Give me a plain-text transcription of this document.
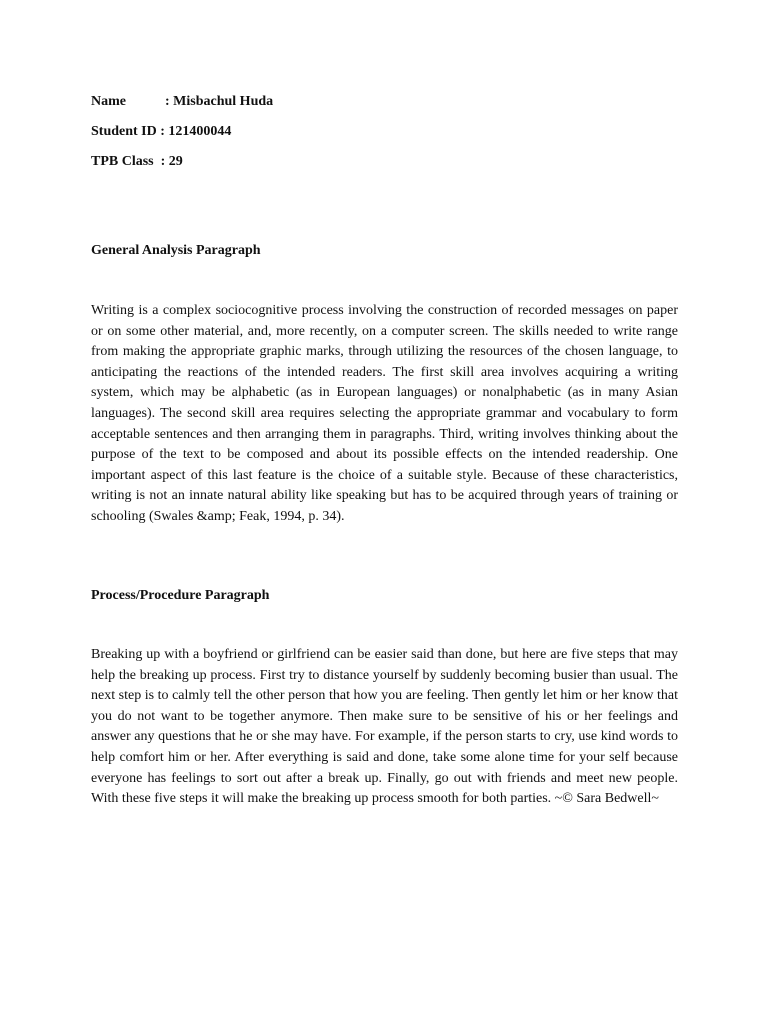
Name	: Misbachul Huda
Student ID : 121400044
TPB Class  : 29
General Analysis Paragraph
Writing is a complex sociocognitive process involving the construction of recorded messages on paper or on some other material, and, more recently, on a computer screen. The skills needed to write range from making the appropriate graphic marks, through utilizing the resources of the chosen language, to anticipating the reactions of the intended readers. The first skill area involves acquiring a writing system, which may be alphabetic (as in European languages) or nonalphabetic (as in many Asian languages). The second skill area requires selecting the appropriate grammar and vocabulary to form acceptable sentences and then arranging them in paragraphs. Third, writing involves thinking about the purpose of the text to be composed and about its possible effects on the intended readership. One important aspect of this last feature is the choice of a suitable style. Because of these characteristics, writing is not an innate natural ability like speaking but has to be acquired through years of training or schooling (Swales &amp; Feak, 1994, p. 34).
Process/Procedure Paragraph
Breaking up with a boyfriend or girlfriend can be easier said than done, but here are five steps that may help the breaking up process. First try to distance yourself by suddenly becoming busier than usual. The next step is to calmly tell the other person that how you are feeling. Then gently let him or her know that you do not want to be together anymore. Then make sure to be sensitive of his or her feelings and answer any questions that he or she may have. For example, if the person starts to cry, use kind words to help comfort him or her. After everything is said and done, take some alone time for your self because everyone has feelings to sort out after a break up. Finally, go out with friends and meet new people. With these five steps it will make the breaking up process smooth for both parties. ~© Sara Bedwell~
